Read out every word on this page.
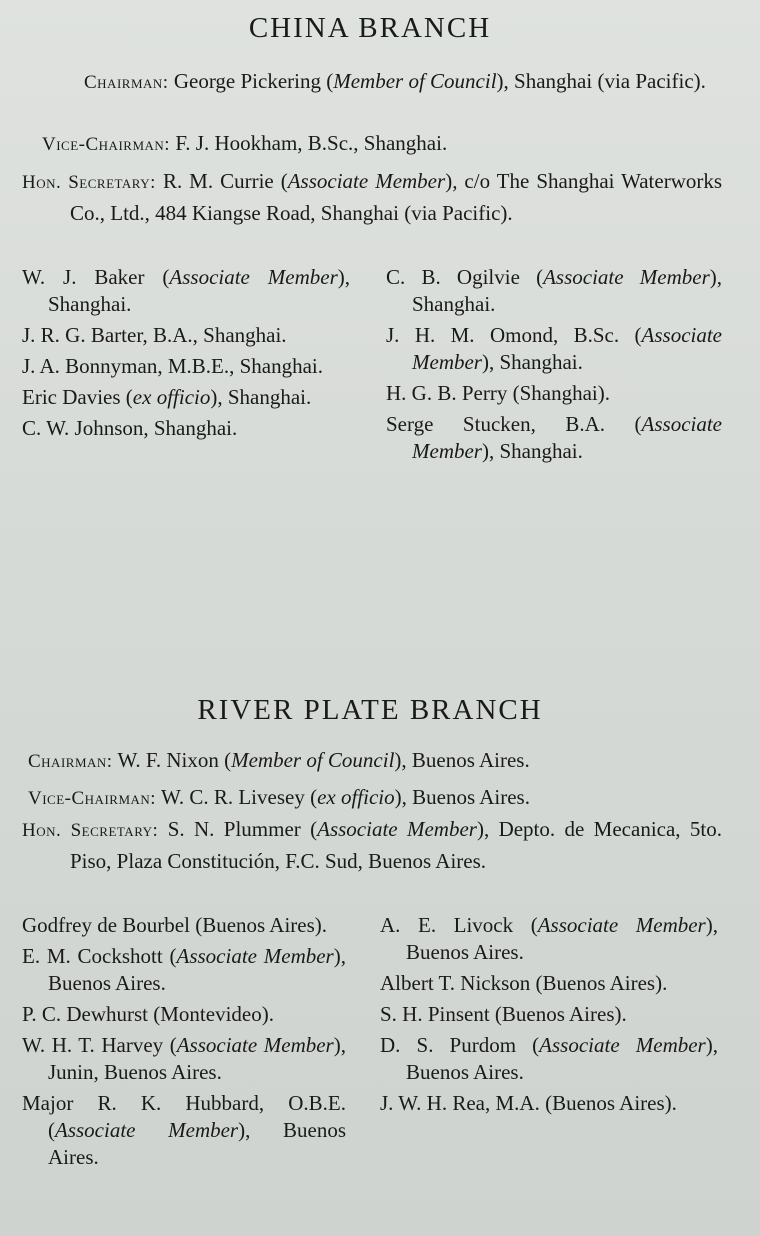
CHINA BRANCH

Chairman: George Pickering (Member of Council), Shanghai (via Pacific).

Vice-Chairman: F. J. Hookham, B.Sc., Shanghai.

Hon. Secretary: R. M. Currie (Associate Member), c/o The Shanghai Waterworks Co., Ltd., 484 Kiangse Road, Shanghai (via Pacific).

W. J. Baker (Associate Member), Shanghai.

J. R. G. Barter, B.A., Shanghai.

J. A. Bonnyman, M.B.E., Shanghai.

Eric Davies (ex officio), Shanghai.

C. W. Johnson, Shanghai.

C. B. Ogilvie (Associate Member), Shanghai.

J. H. M. Omond, B.Sc. (Associate Member), Shanghai.

H. G. B. Perry (Shanghai).

Serge Stucken, B.A. (Associate Member), Shanghai.

RIVER PLATE BRANCH

Chairman: W. F. Nixon (Member of Council), Buenos Aires.

Vice-Chairman: W. C. R. Livesey (ex officio), Buenos Aires.

Hon. Secretary: S. N. Plummer (Associate Member), Depto. de Mecanica, 5to. Piso, Plaza Constitución, F.C. Sud, Buenos Aires.

Godfrey de Bourbel (Buenos Aires).

E. M. Cockshott (Associate Member), Buenos Aires.

P. C. Dewhurst (Montevideo).

W. H. T. Harvey (Associate Member), Junin, Buenos Aires.

Major R. K. Hubbard, O.B.E. (Associate Member), Buenos Aires.

A. E. Livock (Associate Member), Buenos Aires.

Albert T. Nickson (Buenos Aires).

S. H. Pinsent (Buenos Aires).

D. S. Purdom (Associate Member), Buenos Aires.

J. W. H. Rea, M.A. (Buenos Aires).
